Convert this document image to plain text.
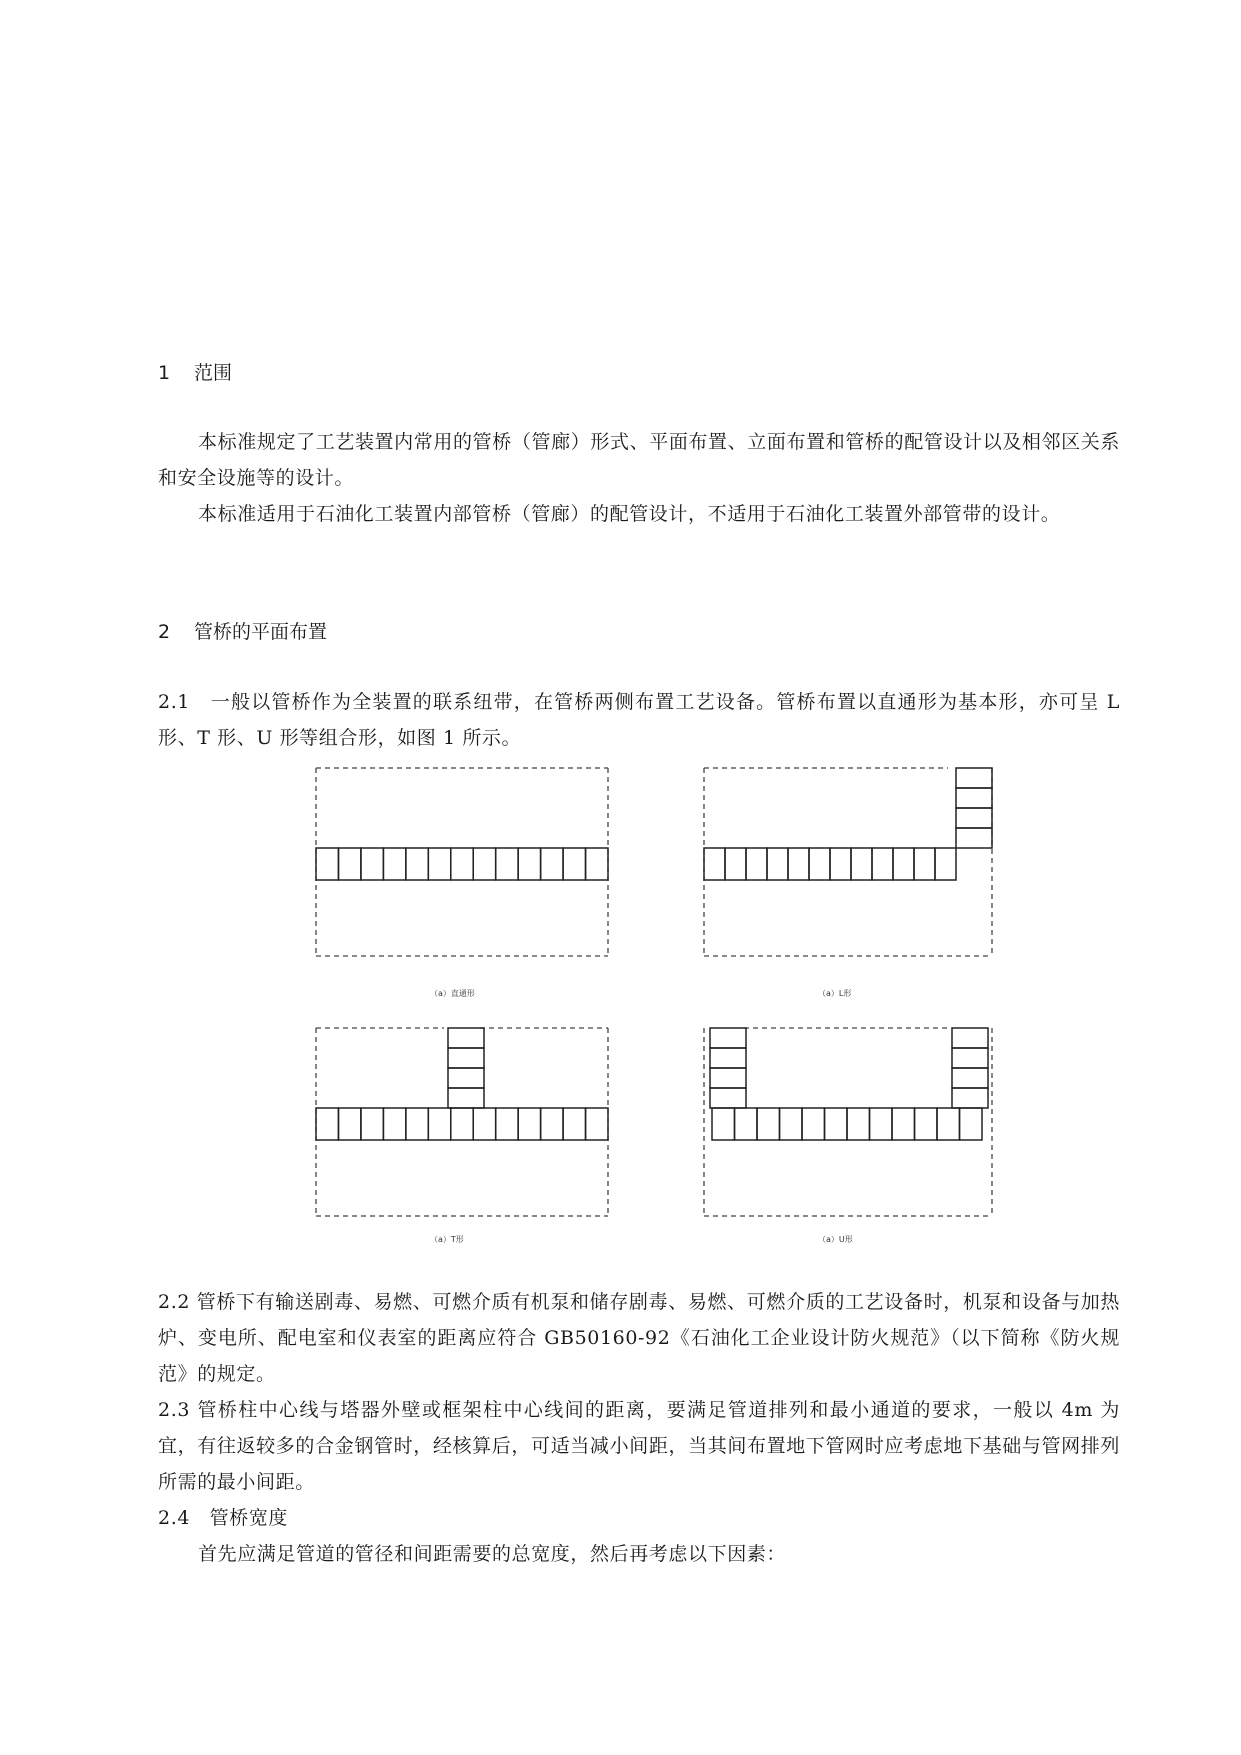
1 范围
本标准规定了工艺装置内常用的管桥（管廊）形式、平面布置、立面布置和管桥的配管设计以及相邻区关系和安全设施等的设计。
本标准适用于石油化工装置内部管桥（管廊）的配管设计，不适用于石油化工装置外部管带的设计。
2 管桥的平面布置
2.1　一般以管桥作为全装置的联系纽带，在管桥两侧布置工艺设备。管桥布置以直通形为基本形，亦可呈 L 形、T 形、U 形等组合形，如图 1 所示。
（a）直通形	（a）L形
（a）T形	（a）U形
2.2 管桥下有输送剧毒、易燃、可燃介质有机泵和储存剧毒、易燃、可燃介质的工艺设备时，机泵和设备与加热炉、变电所、配电室和仪表室的距离应符合 GB50160-92《石油化工企业设计防火规范》（以下简称《防火规范》的规定。
2.3 管桥柱中心线与塔器外壁或框架柱中心线间的距离，要满足管道排列和最小通道的要求，一般以 4m 为宜，有往返较多的合金钢管时，经核算后，可适当减小间距，当其间布置地下管网时应考虑地下基础与管网排列所需的最小间距。
2.4　管桥宽度
首先应满足管道的管径和间距需要的总宽度，然后再考虑以下因素：
